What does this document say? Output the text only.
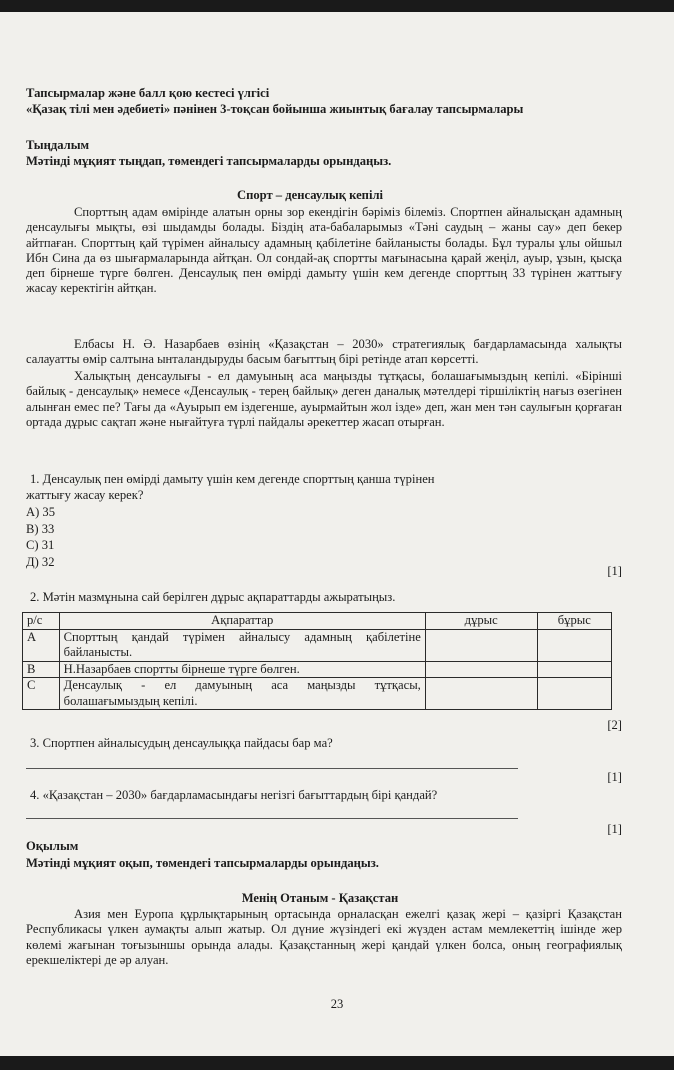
Тапсырмалар және балл қою кестесі үлгісі
«Қазақ тілі мен әдебиеті» пәнінен 3-тоқсан бойынша жиынтық бағалау тапсырмалары
Тыңдалым
Мәтінді мұқият тыңдап, төмендегі тапсырмаларды орындаңыз.
Спорт – денсаулық кепілі

Спорттың адам өмірінде алатын орны зор екендігін бәріміз білеміз. Спортпен айналысқан адамның денсаулығы мықты, өзі шыдамды болады. Біздің ата-бабаларымыз «Тәні саудың – жаны сау» деп бекер айтпаған. Спорттың қай түрімен айналысу адамның қабілетіне байланысты болады. Бұл туралы ұлы ойшыл Ибн Сина да өз шығармаларында айтқан. Ол сондай-ақ спортты мағынасына қарай жеңіл, ауыр, ұзын, қысқа деп бірнеше түрге бөлген. Денсаулық пен өмірді дамыту үшін кем дегенде спорттың 33 түрінен жаттығу жасау керектігін айтқан.

Елбасы Н. Ә. Назарбаев өзінің «Қазақстан – 2030» стратегиялық бағдарламасында халықты салауатты өмір салтына ынталандыруды басым бағыттың бірі ретінде атап көрсетті.

Халықтың денсаулығы - ел дамуының аса маңызды тұтқасы, болашағымыздың кепілі. «Бірінші байлық - денсаулық» немесе «Денсаулық - терең байлық» деген даналық мәтелдері тіршіліктің нағыз өзегінен алынған емес пе? Тағы да «Ауырып ем іздегенше, ауырмайтын жол ізде» деп, жан мен тән саулығын қорғаған ортада дұрыс сақтап және нығайтуға түрлі пайдалы әрекеттер жасап отырған.

1. Денсаулық пен өмірді дамыту үшін кем дегенде спорттың қанша түрінен
жаттығу жасау керек?
А) 35
В) 33
С) 31
Д) 32
[1]
2. Мәтін мазмұнына сай берілген дұрыс ақпараттарды ажыратыңыз.
р/с	Ақпараттар	дұрыс	бұрыс
А	Спорттың қандай түрімен айналысу адамның қабілетіне байланысты.		
В	Н.Назарбаев спортты бірнеше түрге бөлген.		
С	Денсаулық - ел дамуының аса маңызды тұтқасы, болашағымыздың кепілі.		
[2]
3. Спортпен айналысудың денсаулыққа пайдасы бар ма?
[1]
4. «Қазақстан – 2030» бағдарламасындағы негізгі бағыттардың бірі қандай?
[1]
Оқылым
Мәтінді мұқият оқып, төмендегі тапсырмаларды орындаңыз.
Менің Отаным - Қазақстан

Азия мен Еуропа құрлықтарының ортасында орналасқан ежелгі қазақ жері – қазіргі Қазақстан Республикасы үлкен аумақты алып жатыр. Ол дүние жүзіндегі екі жүзден астам мемлекеттің ішінде жер көлемі жағынан тоғызыншы орында алады. Қазақстанның жері қандай үлкен болса, оның географиялық ерекшеліктері де әр алуан.

23
